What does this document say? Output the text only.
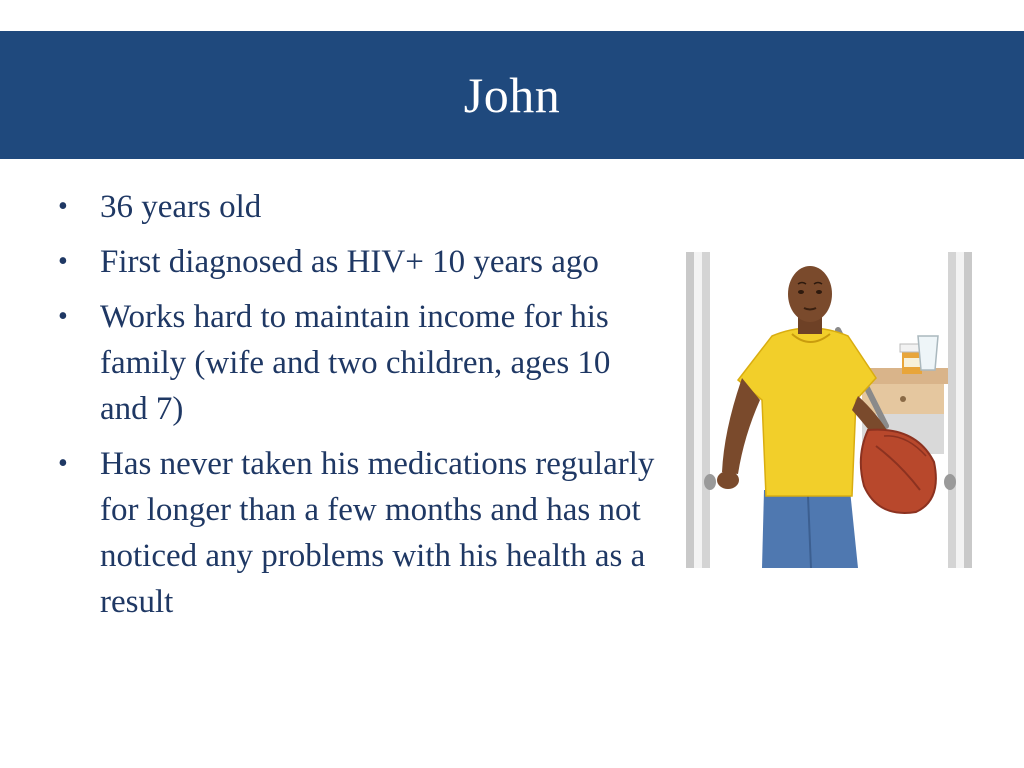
John
• 36 years old
• First diagnosed as HIV+ 10 years ago
• Works hard to maintain income for his family (wife and two children, ages 10 and 7)
• Has never taken his medications regularly for longer than a few months and has not noticed any problems with his health as a result
